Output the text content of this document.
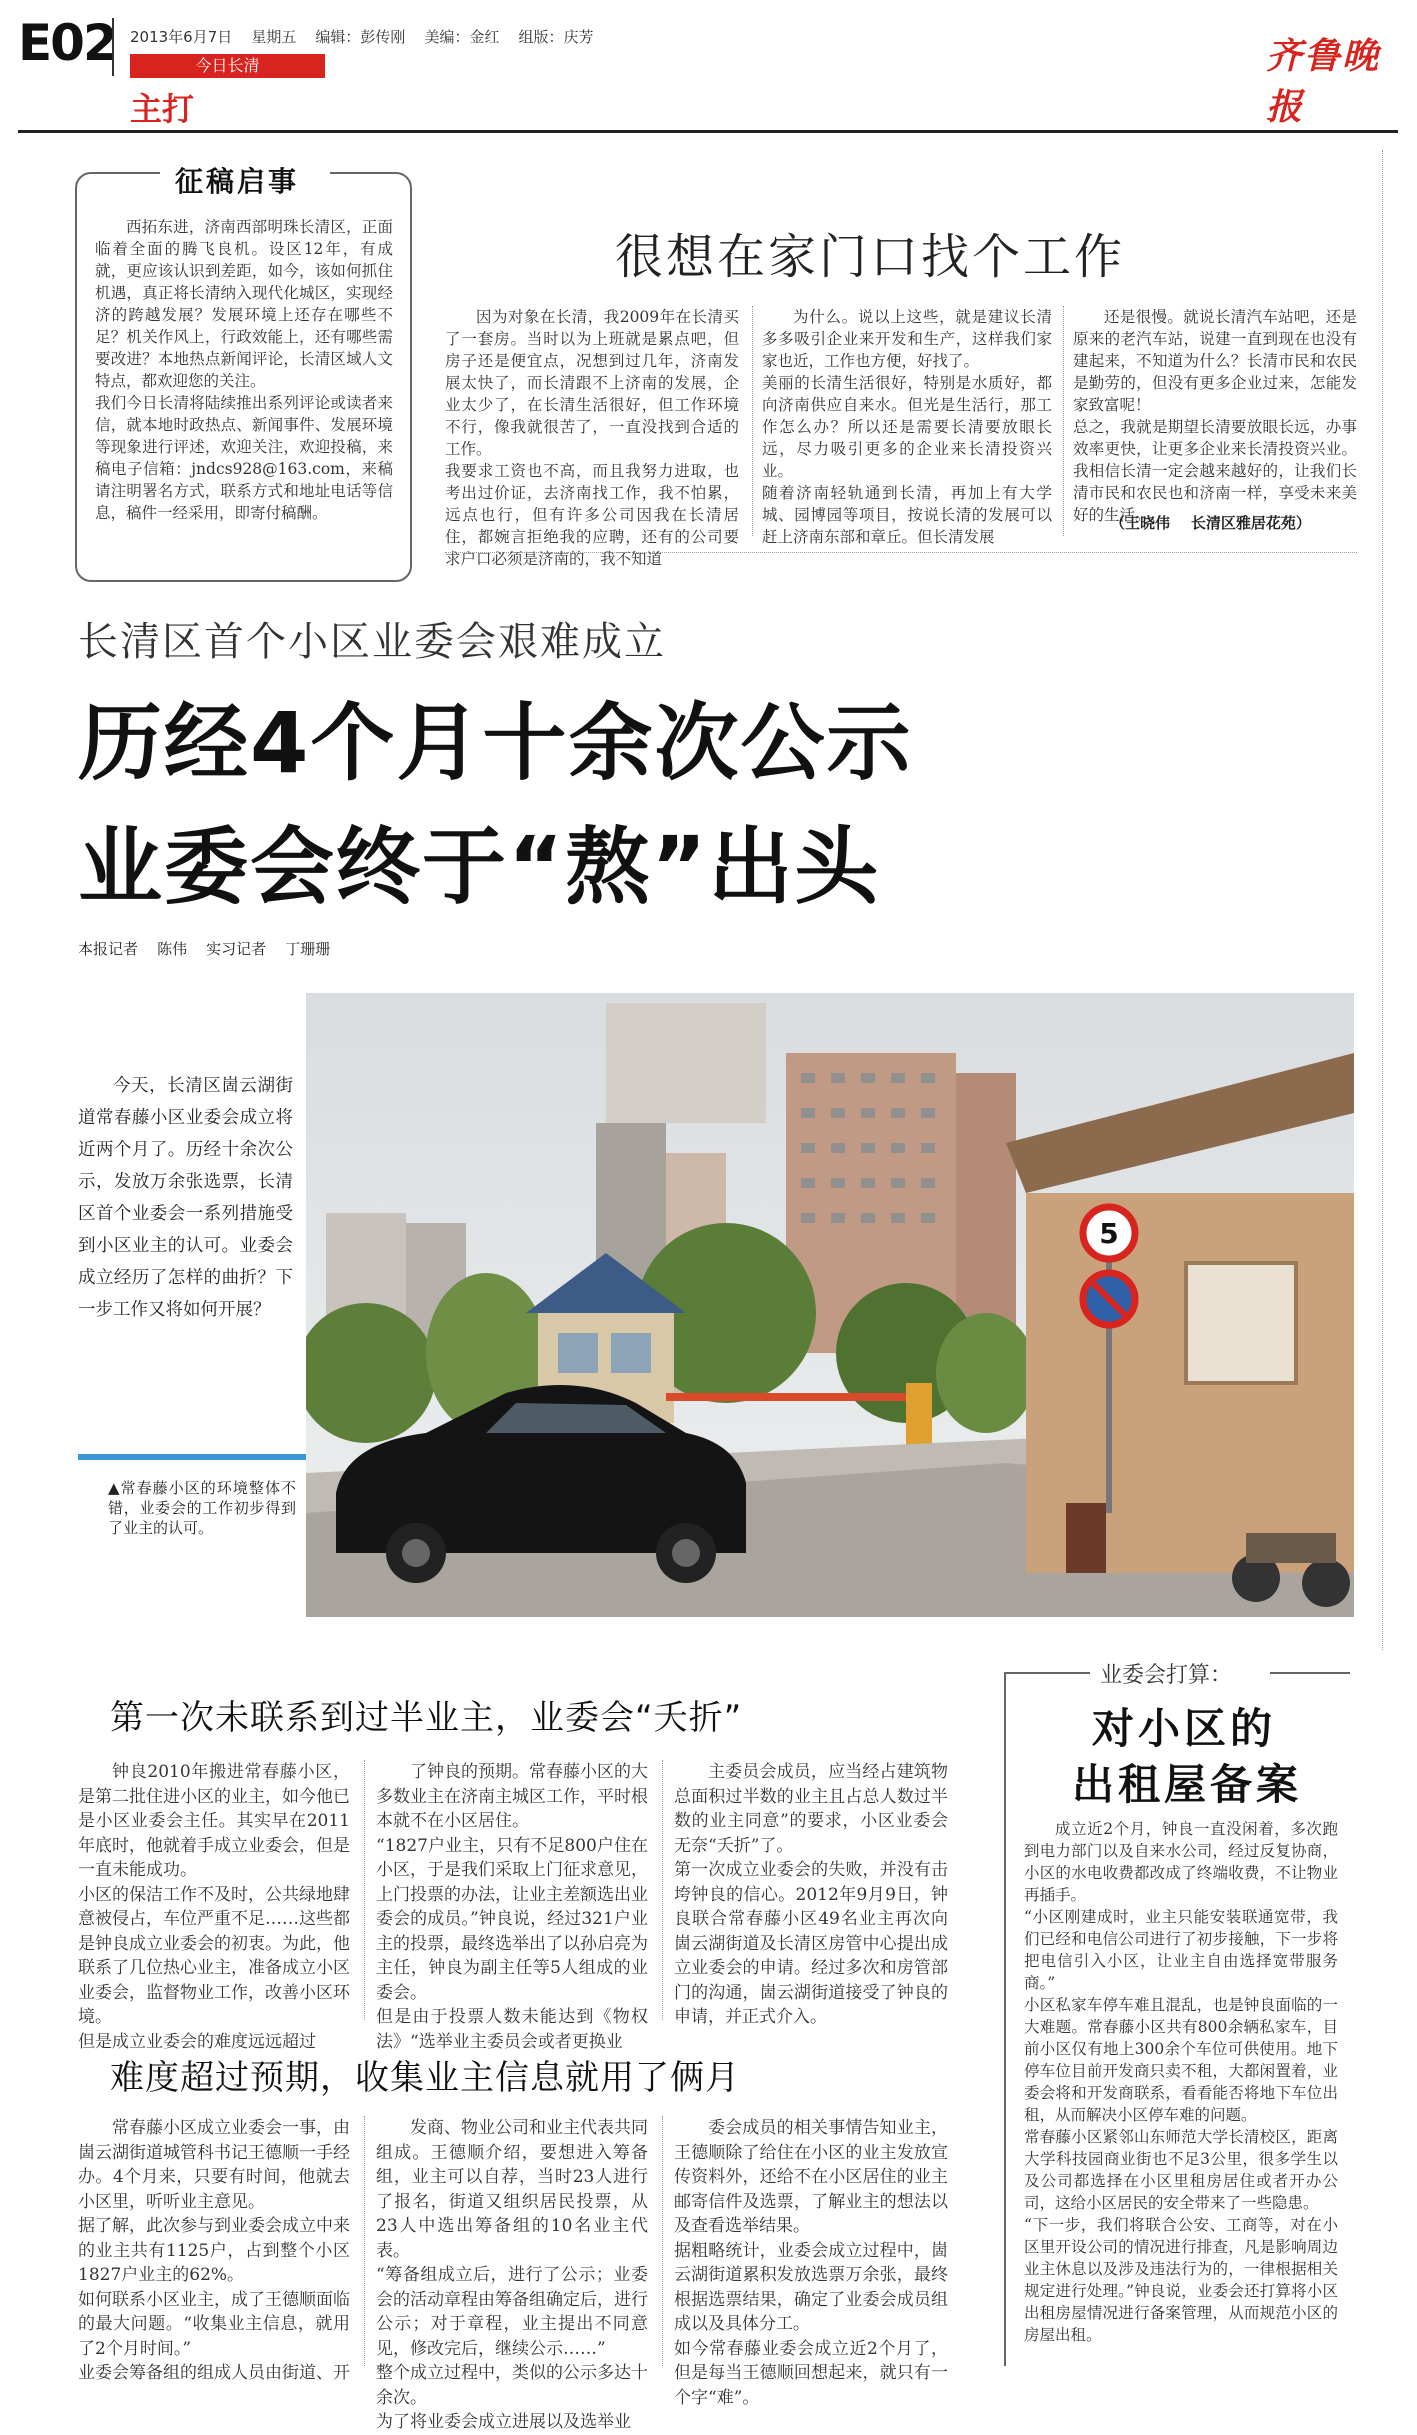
E02 2013年6月7日    星期五    编辑：彭传刚    美编：金红    组版：庆芳
今日长清
主打
齐鲁晚报
征稿启事
西拓东进，济南西部明珠长清区，正面临着全面的腾飞良机。设区12年，有成就，更应该认识到差距，如今，该如何抓住机遇，真正将长清纳入现代化城区，实现经济的跨越发展？发展环境上还存在哪些不足？机关作风上，行政效能上，还有哪些需要改进？本地热点新闻评论，长清区域人文特点，都欢迎您的关注。
我们今日长清将陆续推出系列评论或读者来信，就本地时政热点、新闻事件、发展环境等现象进行评述，欢迎关注，欢迎投稿，来稿电子信箱：jndcs928@163.com，来稿请注明署名方式，联系方式和地址电话等信息，稿件一经采用，即寄付稿酬。
很想在家门口找个工作
因为对象在长清，我2009年在长清买了一套房。当时以为上班就是累点吧，但房子还是便宜点，况想到过几年，济南发展太快了，而长清跟不上济南的发展，企业太少了，在长清生活很好，但工作环境不行，像我就很苦了，一直没找到合适的工作。
我要求工资也不高，而且我努力进取，也考出过价证，去济南找工作，我不怕累，远点也行，但有许多公司因我在长清居住，都婉言拒绝我的应聘，还有的公司要求户口必须是济南的，我不知道
为什么。说以上这些，就是建议长清多多吸引企业来开发和生产，这样我们家家也近，工作也方便，好找了。
美丽的长清生活很好，特别是水质好，都向济南供应自来水。但光是生活行，那工作怎么办？所以还是需要长清要放眼长远，尽力吸引更多的企业来长清投资兴业。
随着济南轻轨通到长清，再加上有大学城、园博园等项目，按说长清的发展可以赶上济南东部和章丘。但长清发展
还是很慢。就说长清汽车站吧，还是原来的老汽车站，说建一直到现在也没有建起来，不知道为什么？长清市民和农民是勤劳的，但没有更多企业过来，怎能发家致富呢！
总之，我就是期望长清要放眼长远，办事效率更快，让更多企业来长清投资兴业。我相信长清一定会越来越好的，让我们长清市民和农民也和济南一样，享受未来美好的生活。
（王晓伟    长清区雅居花苑）
长清区首个小区业委会艰难成立
历经4个月十余次公示
业委会终于“熬”出头
本报记者    陈伟    实习记者    丁珊珊
今天，长清区崮云湖街道常春藤小区业委会成立将近两个月了。历经十余次公示，发放万余张选票，长清区首个业委会一系列措施受到小区业主的认可。业委会成立经历了怎样的曲折？下一步工作又将如何开展？
▲常春藤小区的环境整体不错，业委会的工作初步得到了业主的认可。
5
第一次未联系到过半业主，业委会“夭折”
钟良2010年搬进常春藤小区，是第二批住进小区的业主，如今他已是小区业委会主任。其实早在2011年底时，他就着手成立业委会，但是一直未能成功。
小区的保洁工作不及时，公共绿地肆意被侵占，车位严重不足……这些都是钟良成立业委会的初衷。为此，他联系了几位热心业主，准备成立小区业委会，监督物业工作，改善小区环境。
但是成立业委会的难度远远超过
了钟良的预期。常春藤小区的大多数业主在济南主城区工作，平时根本就不在小区居住。
“1827户业主，只有不足800户住在小区，于是我们采取上门征求意见，上门投票的办法，让业主差额选出业委会的成员。”钟良说，经过321户业主的投票，最终选举出了以孙启亮为主任，钟良为副主任等5人组成的业委会。
但是由于投票人数未能达到《物权法》“选举业主委员会或者更换业
主委员会成员，应当经占建筑物总面积过半数的业主且占总人数过半数的业主同意”的要求，小区业委会无奈“夭折”了。
第一次成立业委会的失败，并没有击垮钟良的信心。2012年9月9日，钟良联合常春藤小区49名业主再次向崮云湖街道及长清区房管中心提出成立业委会的申请。经过多次和房管部门的沟通，崮云湖街道接受了钟良的申请，并正式介入。
难度超过预期，收集业主信息就用了俩月
常春藤小区成立业委会一事，由崮云湖街道城管科书记王德顺一手经办。4个月来，只要有时间，他就去小区里，听听业主意见。
据了解，此次参与到业委会成立中来的业主共有1125户，占到整个小区1827户业主的62%。
如何联系小区业主，成了王德顺面临的最大问题。“收集业主信息，就用了2个月时间。”
业委会筹备组的组成人员由街道、开
发商、物业公司和业主代表共同组成。王德顺介绍，要想进入筹备组，业主可以自荐，当时23人进行了报名，街道又组织居民投票，从23人中选出筹备组的10名业主代表。
“筹备组成立后，进行了公示；业委会的活动章程由筹备组确定后，进行公示；对于章程，业主提出不同意见，修改完后，继续公示……”
整个成立过程中，类似的公示多达十余次。
为了将业委会成立进展以及选举业
委会成员的相关事情告知业主，王德顺除了给住在小区的业主发放宣传资料外，还给不在小区居住的业主邮寄信件及选票，了解业主的想法以及查看选举结果。
据粗略统计，业委会成立过程中，崮云湖街道累积发放选票万余张，最终根据选票结果，确定了业委会成员组成以及具体分工。
如今常春藤业委会成立近2个月了，但是每当王德顺回想起来，就只有一个字“难”。
业委会打算：
对小区的
出租屋备案
成立近2个月，钟良一直没闲着，多次跑到电力部门以及自来水公司，经过反复协商，小区的水电收费都改成了终端收费，不让物业再插手。
“小区刚建成时，业主只能安装联通宽带，我们已经和电信公司进行了初步接触，下一步将把电信引入小区，让业主自由选择宽带服务商。”
小区私家车停车难且混乱，也是钟良面临的一大难题。常春藤小区共有800余辆私家车，目前小区仅有地上300余个车位可供使用。地下停车位目前开发商只卖不租，大都闲置着，业委会将和开发商联系，看看能否将地下车位出租，从而解决小区停车难的问题。
常春藤小区紧邻山东师范大学长清校区，距离大学科技园商业街也不足3公里，很多学生以及公司都选择在小区里租房居住或者开办公司，这给小区居民的安全带来了一些隐患。
“下一步，我们将联合公安、工商等，对在小区里开设公司的情况进行排查，凡是影响周边业主休息以及涉及违法行为的，一律根据相关规定进行处理。”钟良说，业委会还打算将小区出租房屋情况进行备案管理，从而规范小区的房屋出租。
